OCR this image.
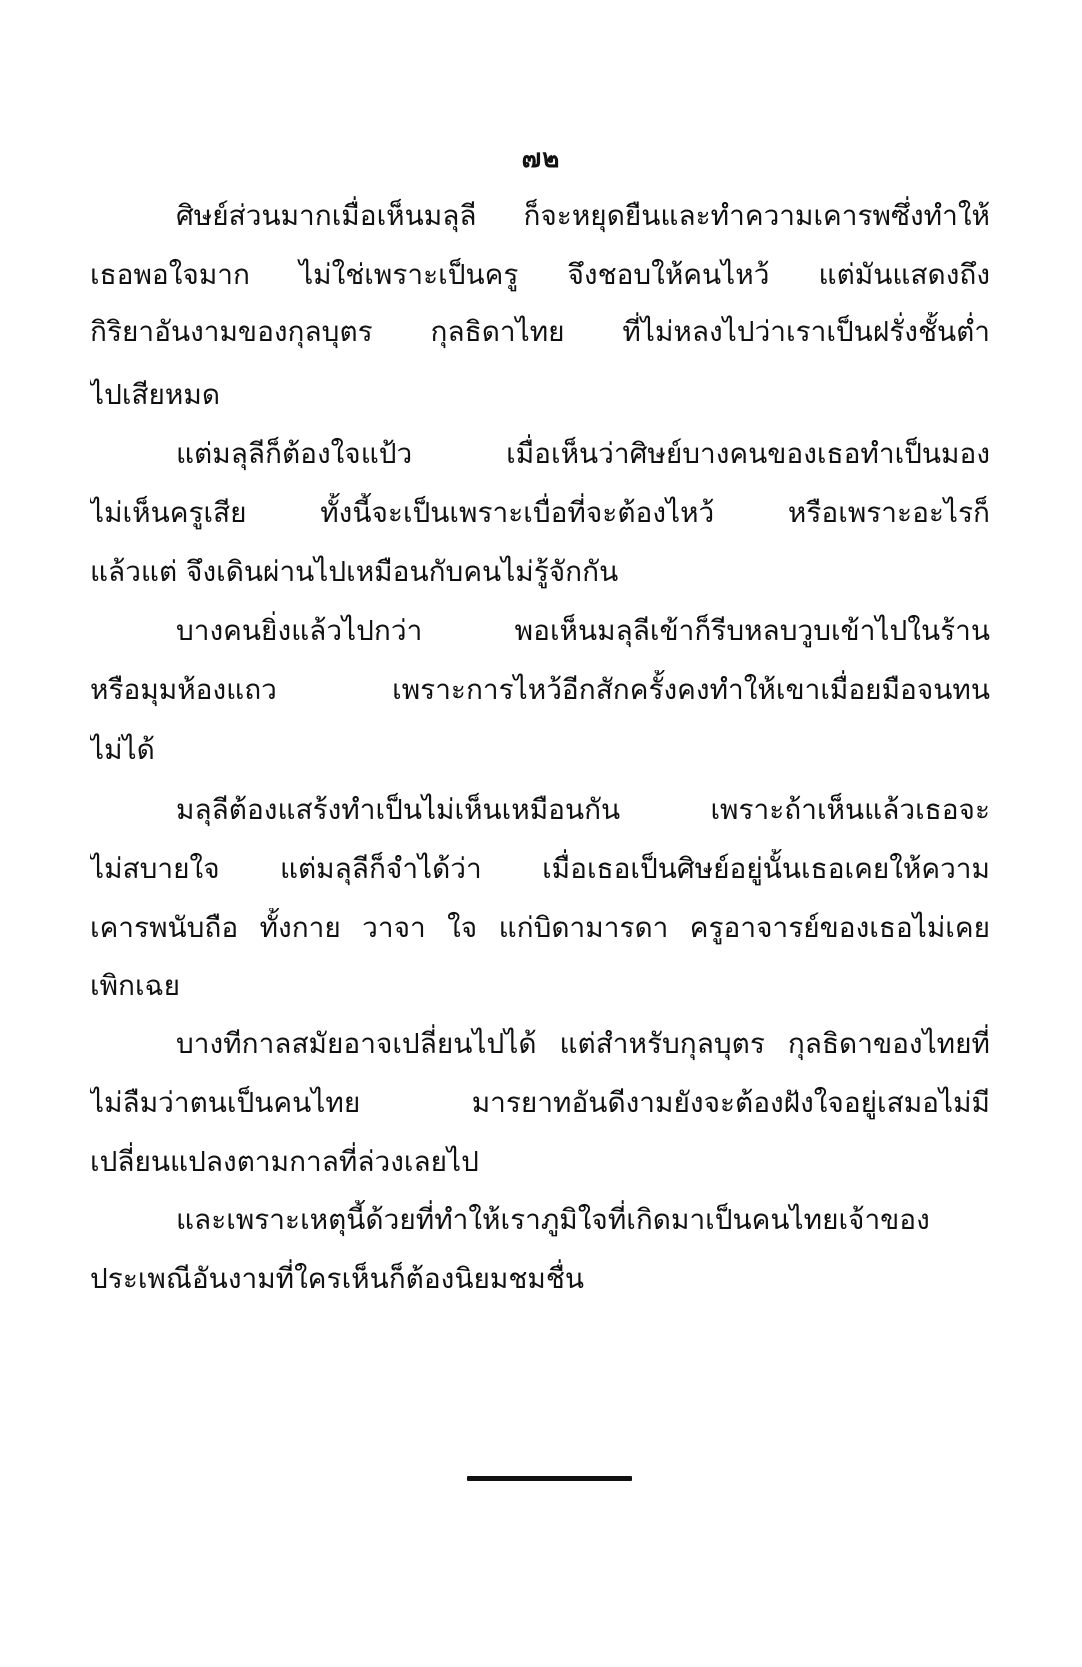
๗๒
ศิษย์ส่วนมากเมื่อเห็นมลุลี ก็จะหยุดยืนและทำความเคารพซึ่งทำให้
เธอพอใจมาก ไม่ใช่เพราะเป็นครู จึงชอบให้คนไหว้ แต่มันแสดงถึง
กิริยาอันงามของกุลบุตร กุลธิดาไทย ที่ไม่หลงไปว่าเราเป็นฝรั่งชั้นต่ำ
ไปเสียหมด
แต่มลุลีก็ต้องใจแป้ว เมื่อเห็นว่าศิษย์บางคนของเธอทำเป็นมอง
ไม่เห็นครูเสีย ทั้งนี้จะเป็นเพราะเบื่อที่จะต้องไหว้ หรือเพราะอะไรก็
แล้วแต่ จึงเดินผ่านไปเหมือนกับคนไม่รู้จักกัน
บางคนยิ่งแล้วไปกว่า พอเห็นมลุลีเข้าก็รีบหลบวูบเข้าไปในร้าน
หรือมุมห้องแถว เพราะการไหว้อีกสักครั้งคงทำให้เขาเมื่อยมือจนทน
ไม่ได้
มลุลีต้องแสร้งทำเป็นไม่เห็นเหมือนกัน เพราะถ้าเห็นแล้วเธอจะ
ไม่สบายใจ แต่มลุลีก็จำได้ว่า เมื่อเธอเป็นศิษย์อยู่นั้นเธอเคยให้ความ
เคารพนับถือ ทั้งกาย วาจา ใจ แก่บิดามารดา ครูอาจารย์ของเธอไม่เคย
เพิกเฉย
บางทีกาลสมัยอาจเปลี่ยนไปได้ แต่สำหรับกุลบุตร กุลธิดาของไทยที่
ไม่ลืมว่าตนเป็นคนไทย มารยาทอันดีงามยังจะต้องฝังใจอยู่เสมอไม่มี
เปลี่ยนแปลงตามกาลที่ล่วงเลยไป
และเพราะเหตุนี้ด้วยที่ทำให้เราภูมิใจที่เกิดมาเป็นคนไทยเจ้าของ
ประเพณีอันงามที่ใครเห็นก็ต้องนิยมชมชื่น
